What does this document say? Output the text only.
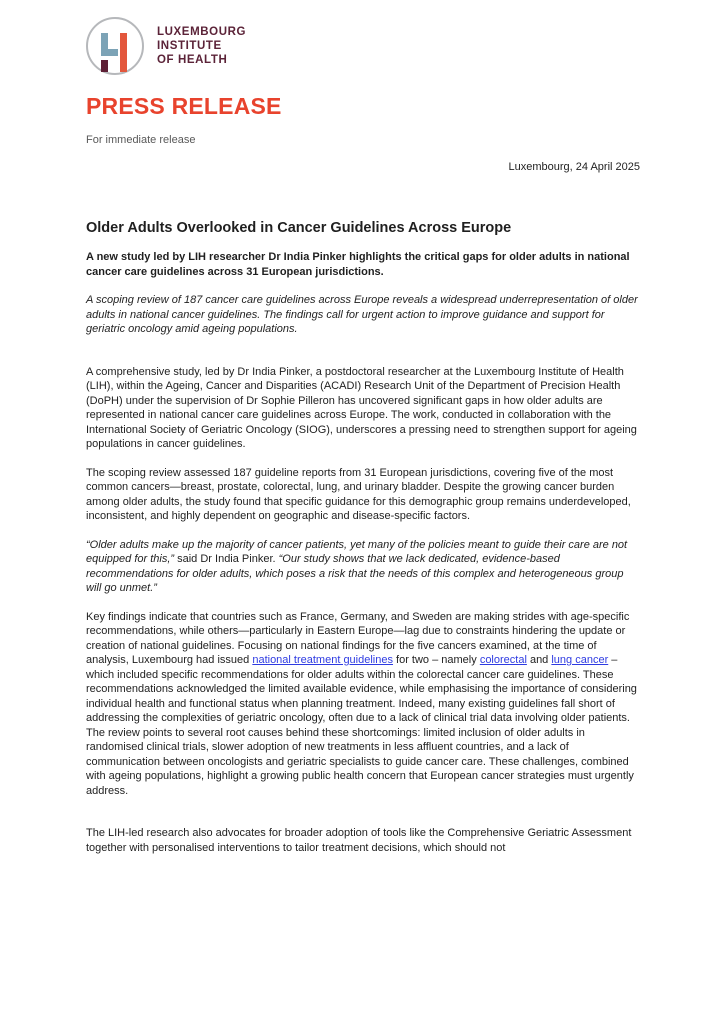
LUXEMBOURG
INSTITUTE
OF HEALTH
PRESS RELEASE
For immediate release
Luxembourg, 24 April 2025
Older Adults Overlooked in Cancer Guidelines Across Europe

A new study led by LIH researcher Dr India Pinker highlights the critical gaps for older adults in national cancer care guidelines across 31 European jurisdictions.

A scoping review of 187 cancer care guidelines across Europe reveals a widespread underrepresentation of older adults in national cancer guidelines. The findings call for urgent action to improve guidance and support for geriatric oncology amid ageing populations.

A comprehensive study, led by Dr India Pinker, a postdoctoral researcher at the Luxembourg Institute of Health (LIH), within the Ageing, Cancer and Disparities (ACADI) Research Unit of the Department of Precision Health (DoPH) under the supervision of Dr Sophie Pilleron has uncovered significant gaps in how older adults are represented in national cancer care guidelines across Europe. The work, conducted in collaboration with the International Society of Geriatric Oncology (SIOG), underscores a pressing need to strengthen support for ageing populations in cancer guidelines.

The scoping review assessed 187 guideline reports from 31 European jurisdictions, covering five of the most common cancers—breast, prostate, colorectal, lung, and urinary bladder. Despite the growing cancer burden among older adults, the study found that specific guidance for this demographic group remains underdeveloped, inconsistent, and highly dependent on geographic and disease-specific factors.

“Older adults make up the majority of cancer patients, yet many of the policies meant to guide their care are not equipped for this,” said Dr India Pinker. “Our study shows that we lack dedicated, evidence-based recommendations for older adults, which poses a risk that the needs of this complex and heterogeneous group will go unmet.”

Key findings indicate that countries such as France, Germany, and Sweden are making strides with age-specific recommendations, while others—particularly in Eastern Europe—lag due to constraints hindering the update or creation of national guidelines. Focusing on national findings for the five cancers examined, at the time of analysis, Luxembourg had issued national treatment guidelines for two – namely colorectal and lung cancer – which included specific recommendations for older adults within the colorectal cancer care guidelines. These recommendations acknowledged the limited available evidence, while emphasising the importance of considering individual health and functional status when planning treatment. Indeed, many existing guidelines fall short of addressing the complexities of geriatric oncology, often due to a lack of clinical trial data involving older patients. The review points to several root causes behind these shortcomings: limited inclusion of older adults in randomised clinical trials, slower adoption of new treatments in less affluent countries, and a lack of communication between oncologists and geriatric specialists to guide cancer care. These challenges, combined with ageing populations, highlight a growing public health concern that European cancer strategies must urgently address.

The LIH-led research also advocates for broader adoption of tools like the Comprehensive Geriatric Assessment together with personalised interventions to tailor treatment decisions, which should not
